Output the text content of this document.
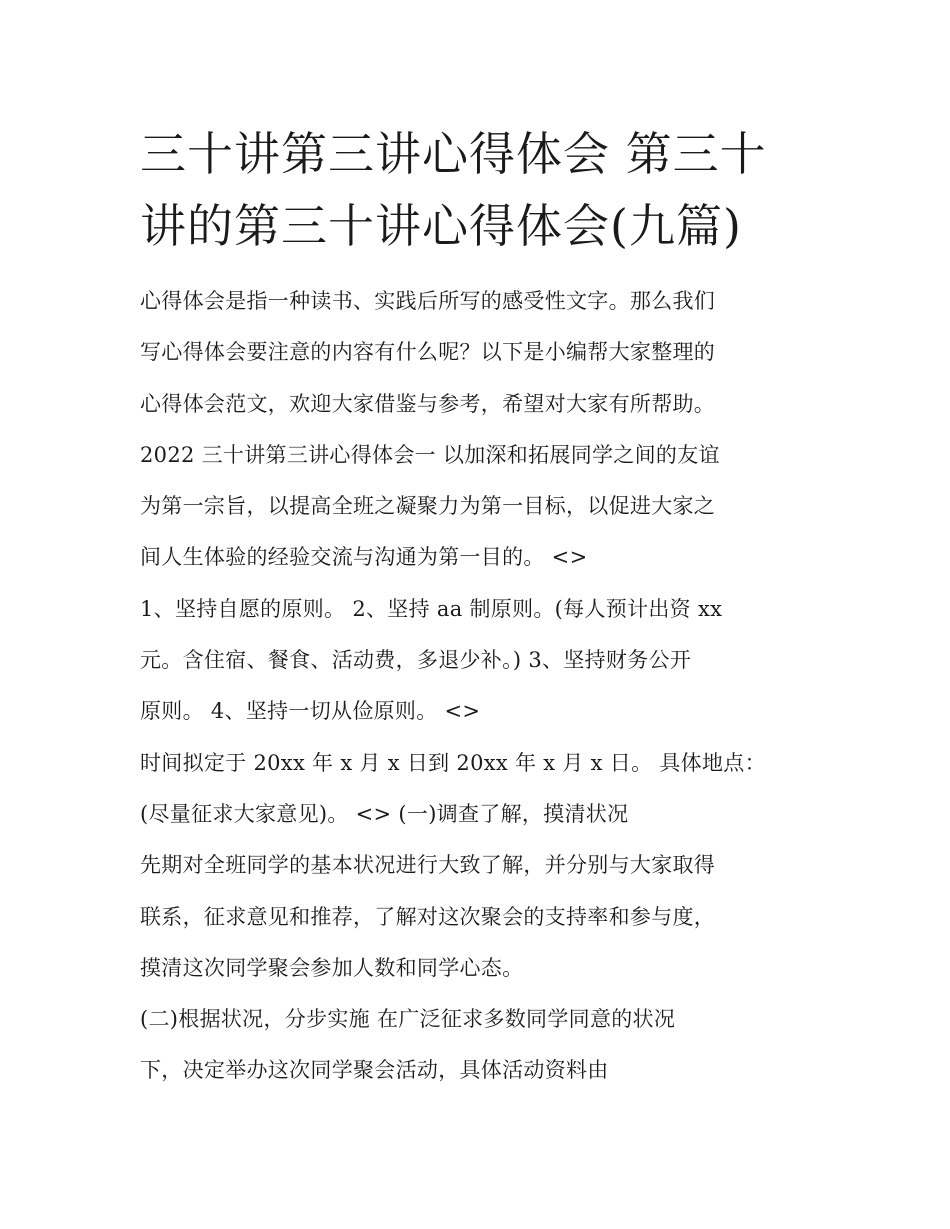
三十讲第三讲心得体会 第三十
讲的第三十讲心得体会(九篇)
心得体会是指一种读书、实践后所写的感受性文字。那么我们
写心得体会要注意的内容有什么呢？以下是小编帮大家整理的
心得体会范文，欢迎大家借鉴与参考，希望对大家有所帮助。
2022 三十讲第三讲心得体会一 以加深和拓展同学之间的友谊
为第一宗旨，以提高全班之凝聚力为第一目标，以促进大家之
间人生体验的经验交流与沟通为第一目的。 <>
1、坚持自愿的原则。 2、坚持 aa 制原则。(每人预计出资 xx
元。含住宿、餐食、活动费，多退少补。) 3、坚持财务公开
原则。 4、坚持一切从俭原则。 <>
时间拟定于 20xx 年 x 月 x 日到 20xx 年 x 月 x 日。 具体地点：
(尽量征求大家意见)。 <> (一)调查了解，摸清状况
先期对全班同学的基本状况进行大致了解，并分别与大家取得
联系，征求意见和推荐，了解对这次聚会的支持率和参与度，
摸清这次同学聚会参加人数和同学心态。
(二)根据状况，分步实施 在广泛征求多数同学同意的状况
下，决定举办这次同学聚会活动，具体活动资料由
